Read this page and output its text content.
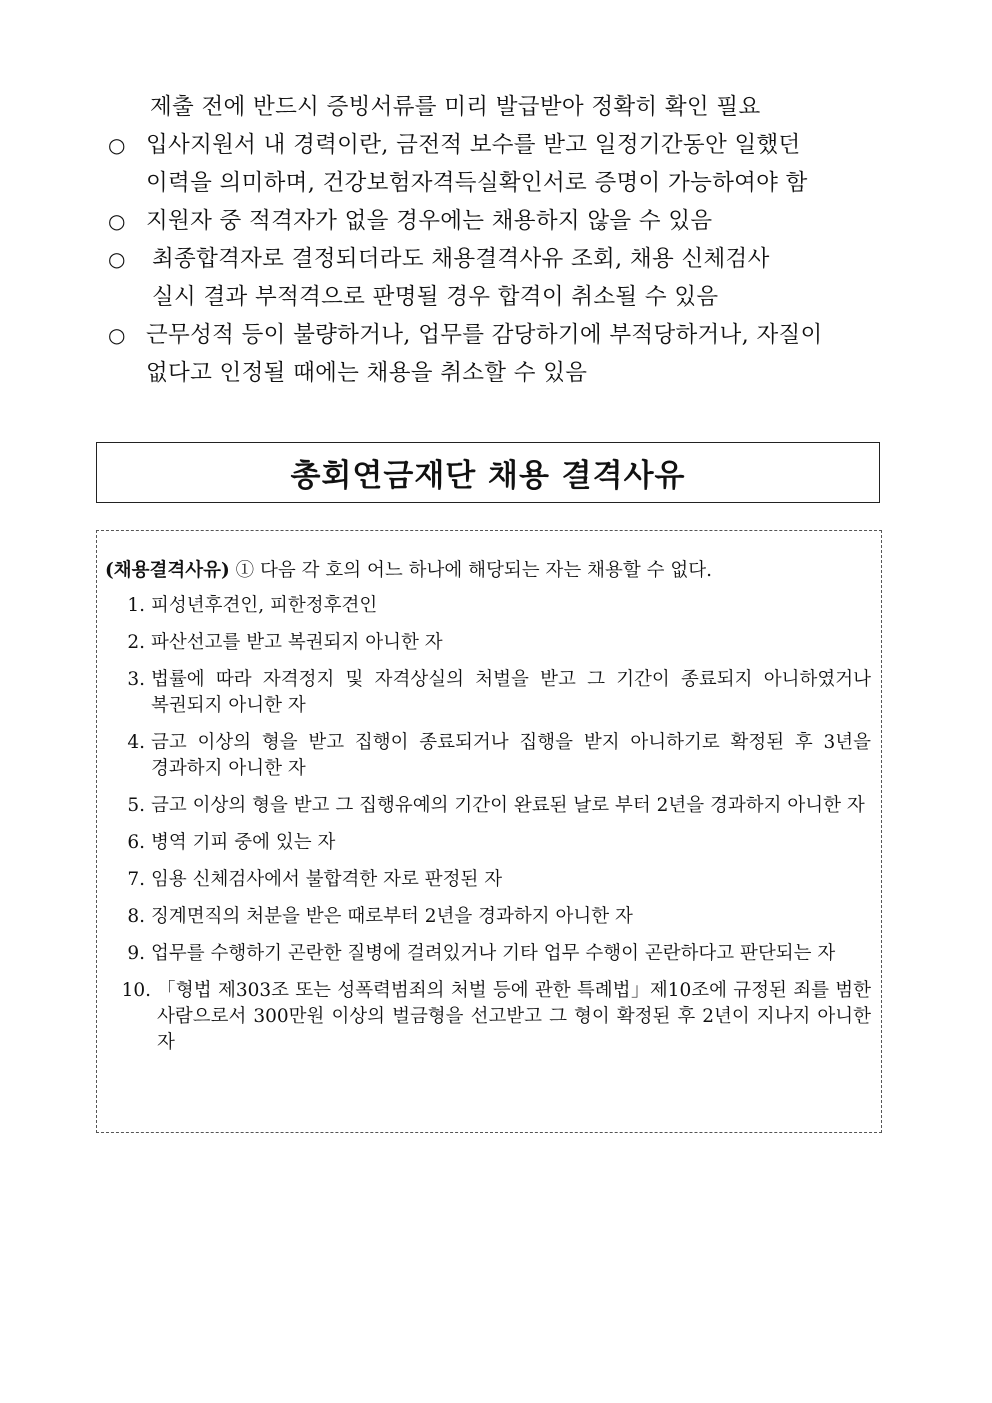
제출 전에 반드시 증빙서류를 미리 발급받아 정확히 확인 필요
○ 입사지원서 내 경력이란, 금전적 보수를 받고 일정기간동안 일했던
이력을 의미하며, 건강보험자격득실확인서로 증명이 가능하여야 함
○ 지원자 중 적격자가 없을 경우에는 채용하지 않을 수 있음
○	최종합격자로 결정되더라도 채용결격사유 조회, 채용 신체검사
실시 결과 부적격으로 판명될 경우 합격이 취소될 수 있음
○ 근무성적 등이 불량하거나, 업무를 감당하기에 부적당하거나, 자질이
없다고 인정될 때에는 채용을 취소할 수 있음
총회연금재단 채용 결격사유
(채용결격사유) ① 다음 각 호의 어느 하나에 해당되는 자는 채용할 수 없다.
1. 피성년후견인, 피한정후견인
2. 파산선고를 받고 복권되지 아니한 자
3. 법률에 따라 자격정지 및 자격상실의 처벌을 받고 그 기간이 종료되지 아니하였거나 복권되지 아니한 자
4. 금고 이상의 형을 받고 집행이 종료되거나 집행을 받지 아니하기로 확정된 후 3년을 경과하지 아니한 자
5. 금고 이상의 형을 받고 그 집행유예의 기간이 완료된 날로 부터 2년을 경과하지 아니한 자
6. 병역 기피 중에 있는 자
7. 임용 신체검사에서 불합격한 자로 판정된 자
8. 징계면직의 처분을 받은 때로부터 2년을 경과하지 아니한 자
9. 업무를 수행하기 곤란한 질병에 걸려있거나 기타 업무 수행이 곤란하다고 판단되는 자
10. 「형법 제303조 또는 성폭력범죄의 처벌 등에 관한 특례법」제10조에 규정된 죄를 범한 사람으로서 300만원 이상의 벌금형을 선고받고 그 형이 확정된 후 2년이 지나지 아니한 자
